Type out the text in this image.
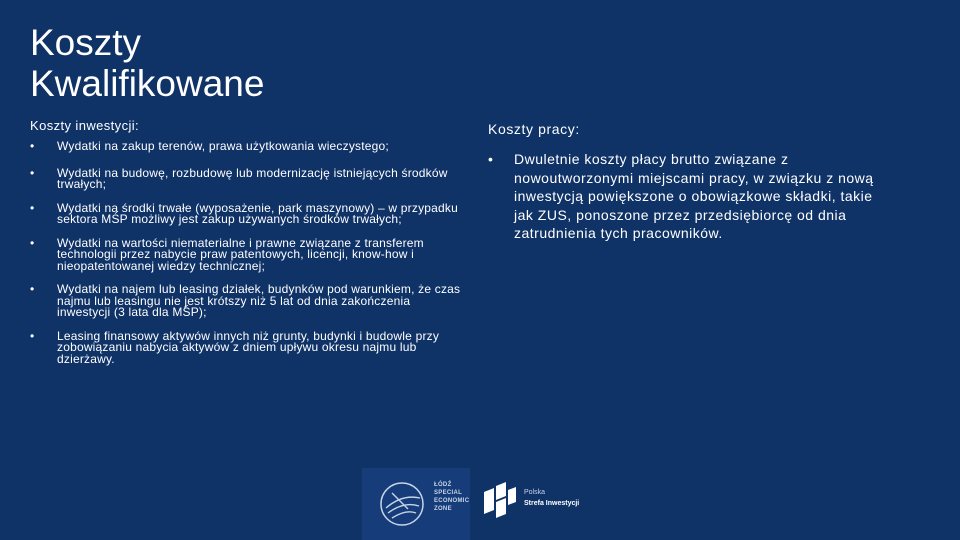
Koszty
Kwalifikowane
Koszty inwestycji:
• Wydatki na zakup terenów, prawa użytkowania wieczystego;
• Wydatki na budowę, rozbudowę lub modernizację istniejących środków trwałych;
• Wydatki na środki trwałe (wyposażenie, park maszynowy) – w przypadku sektora MŚP możliwy jest zakup używanych środków trwałych;
• Wydatki na wartości niematerialne i prawne związane z transferem technologii przez nabycie praw patentowych, licencji, know-how i nieopatentowanej wiedzy technicznej;
• Wydatki na najem lub leasing działek, budynków pod warunkiem, że czas najmu lub leasingu nie jest krótszy niż 5 lat od dnia zakończenia inwestycji (3 lata dla MŚP);
• Leasing finansowy aktywów innych niż grunty, budynki i budowle przy zobowiązaniu nabycia aktywów z dniem upływu okresu najmu lub dzierżawy.
Koszty pracy:
• Dwuletnie koszty płacy brutto związane z nowoutworzonymi miejscami pracy, w związku z nową inwestycją powiększone o obowiązkowe składki, takie jak ZUS, ponoszone przez przedsiębiorcę od dnia zatrudnienia tych pracowników.
ŁÓDŹ
SPECIAL
ECONOMIC
ZONE
Polska
Strefa Inwestycji
